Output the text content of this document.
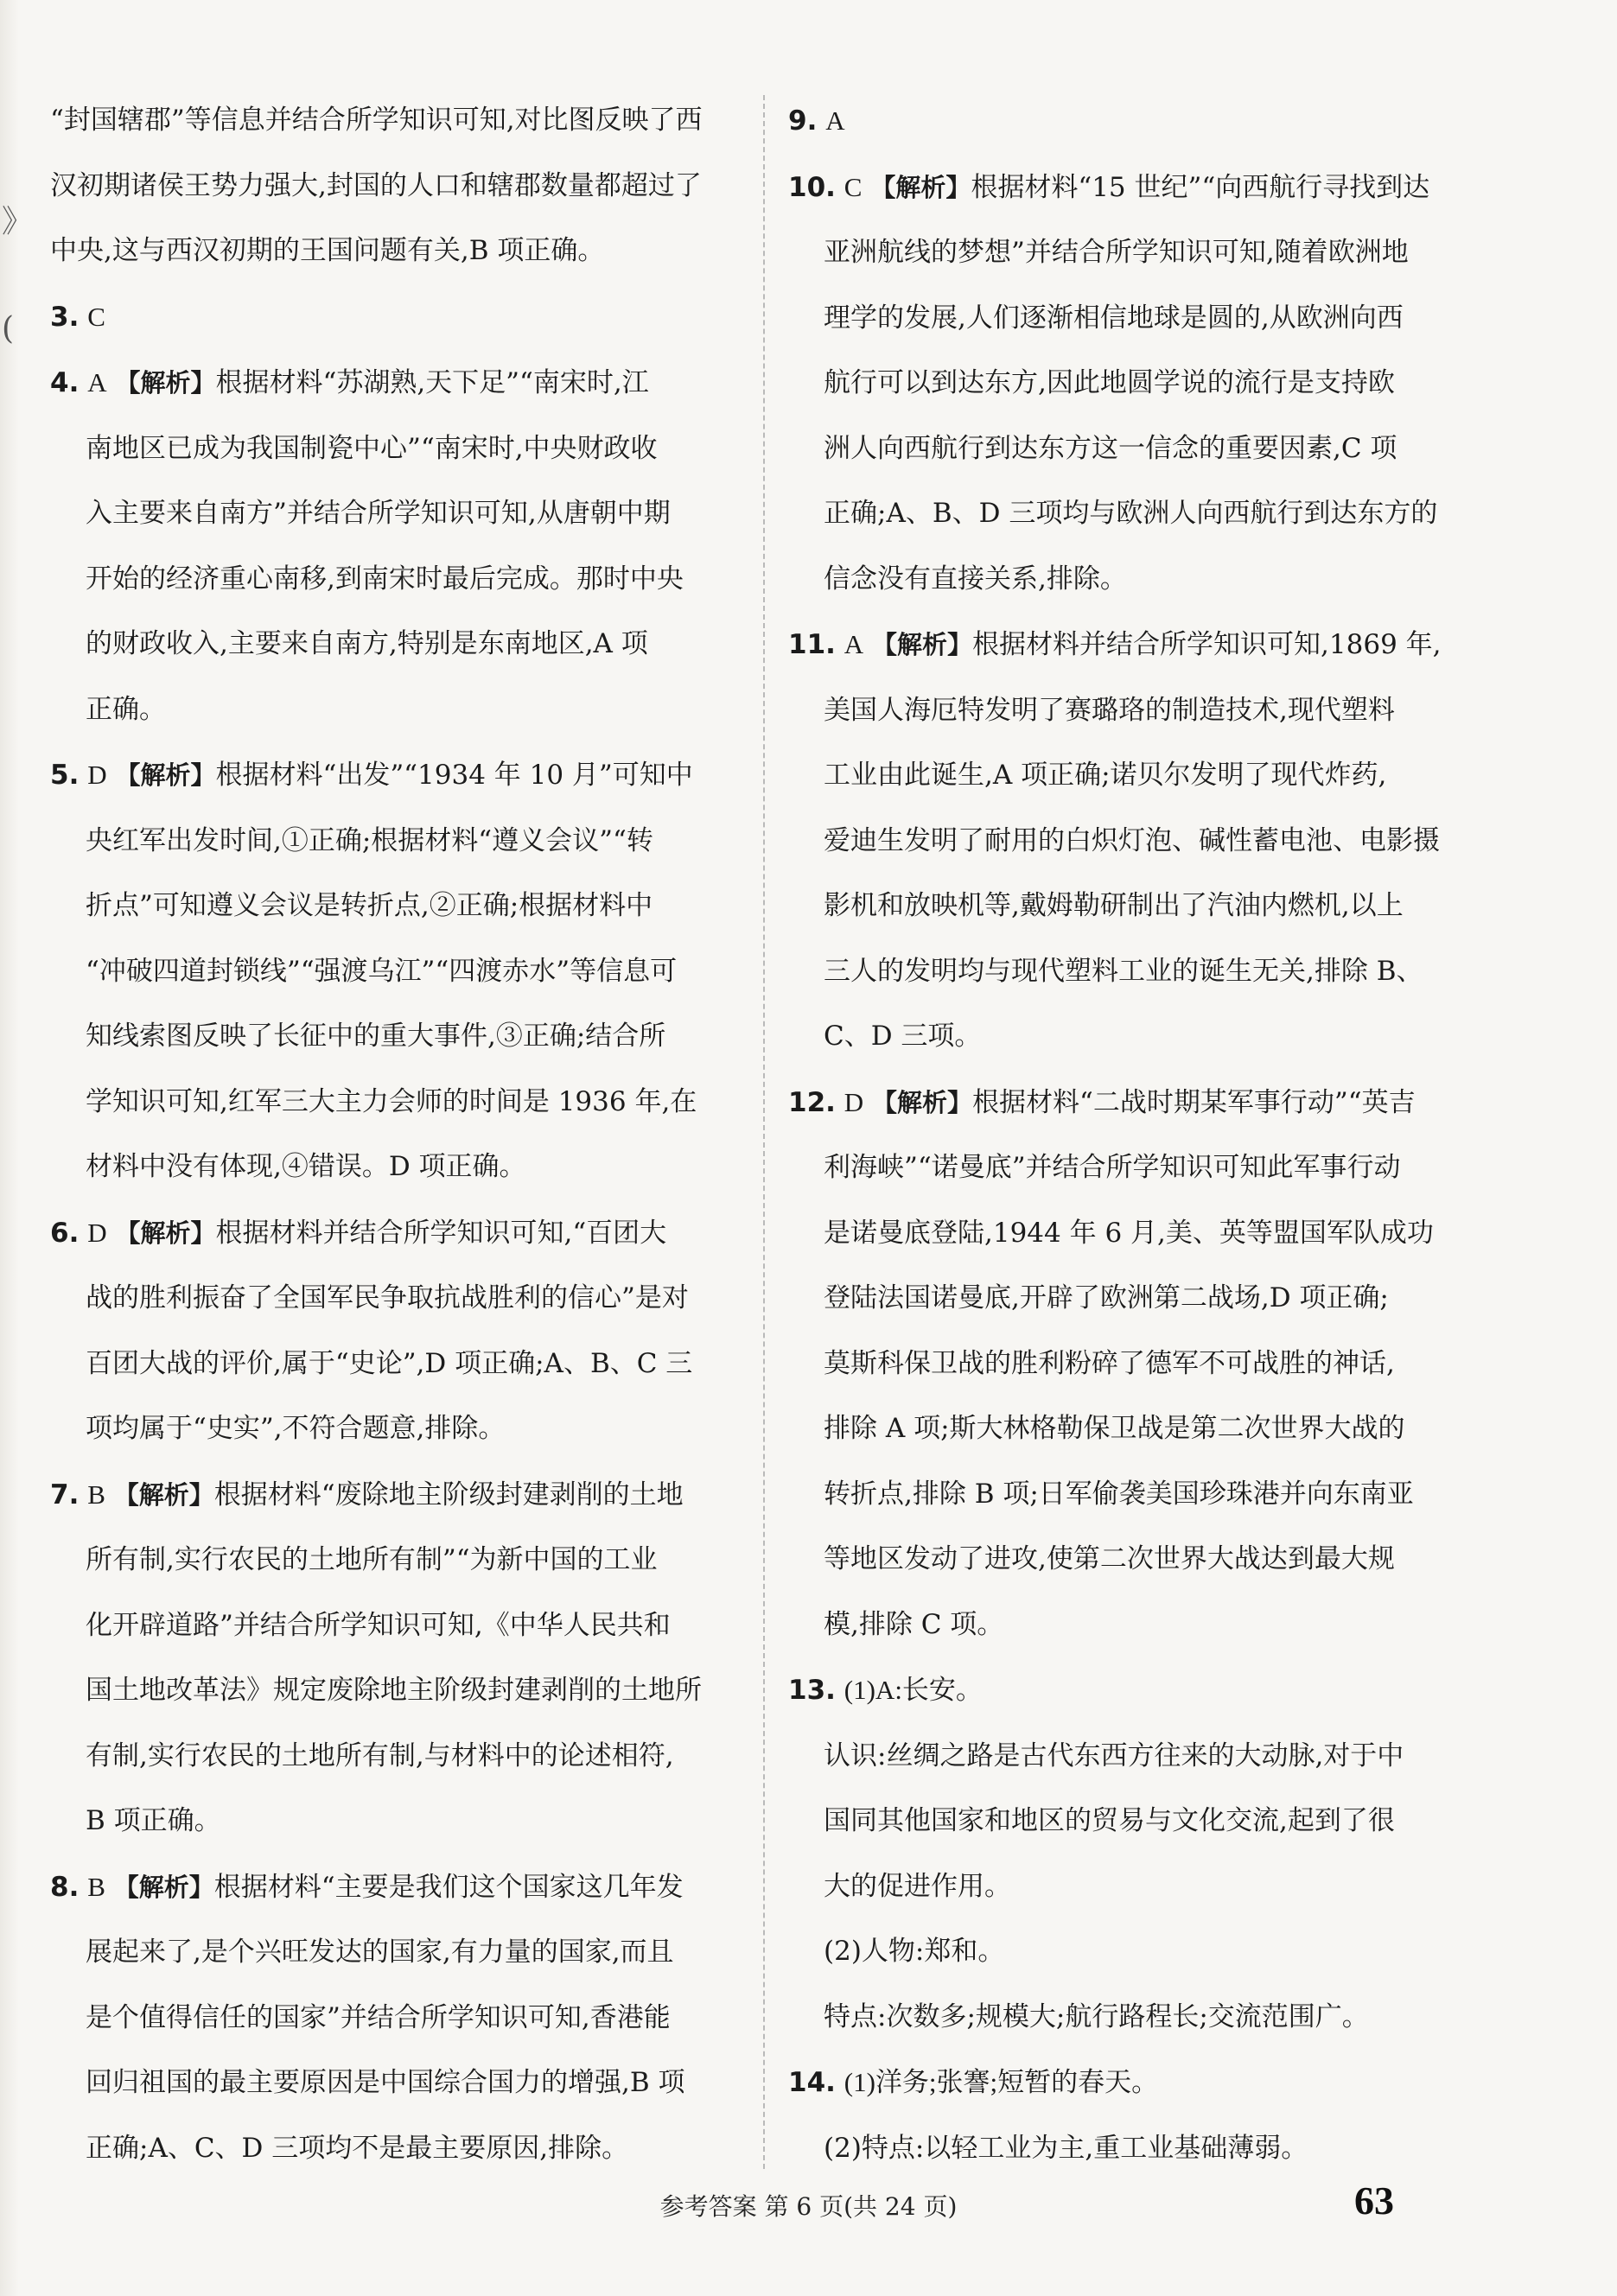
》
(
“封国辖郡”等信息并结合所学知识可知,对比图反映了西
汉初期诸侯王势力强大,封国的人口和辖郡数量都超过了
中央,这与西汉初期的王国问题有关,B 项正确。
3. C
4. A 【解析】根据材料“苏湖熟,天下足”“南宋时,江
南地区已成为我国制瓷中心”“南宋时,中央财政收
入主要来自南方”并结合所学知识可知,从唐朝中期
开始的经济重心南移,到南宋时最后完成。那时中央
的财政收入,主要来自南方,特别是东南地区,A 项
正确。
5. D 【解析】根据材料“出发”“1934 年 10 月”可知中
央红军出发时间,①正确;根据材料“遵义会议”“转
折点”可知遵义会议是转折点,②正确;根据材料中
“冲破四道封锁线”“强渡乌江”“四渡赤水”等信息可
知线索图反映了长征中的重大事件,③正确;结合所
学知识可知,红军三大主力会师的时间是 1936 年,在
材料中没有体现,④错误。D 项正确。
6. D 【解析】根据材料并结合所学知识可知,“百团大
战的胜利振奋了全国军民争取抗战胜利的信心”是对
百团大战的评价,属于“史论”,D 项正确;A、B、C 三
项均属于“史实”,不符合题意,排除。
7. B 【解析】根据材料“废除地主阶级封建剥削的土地
所有制,实行农民的土地所有制”“为新中国的工业
化开辟道路”并结合所学知识可知,《中华人民共和
国土地改革法》规定废除地主阶级封建剥削的土地所
有制,实行农民的土地所有制,与材料中的论述相符,
B 项正确。
8. B 【解析】根据材料“主要是我们这个国家这几年发
展起来了,是个兴旺发达的国家,有力量的国家,而且
是个值得信任的国家”并结合所学知识可知,香港能
回归祖国的最主要原因是中国综合国力的增强,B 项
正确;A、C、D 三项均不是最主要原因,排除。
9. A
10. C 【解析】根据材料“15 世纪”“向西航行寻找到达
亚洲航线的梦想”并结合所学知识可知,随着欧洲地
理学的发展,人们逐渐相信地球是圆的,从欧洲向西
航行可以到达东方,因此地圆学说的流行是支持欧
洲人向西航行到达东方这一信念的重要因素,C 项
正确;A、B、D 三项均与欧洲人向西航行到达东方的
信念没有直接关系,排除。
11. A 【解析】根据材料并结合所学知识可知,1869 年,
美国人海厄特发明了赛璐珞的制造技术,现代塑料
工业由此诞生,A 项正确;诺贝尔发明了现代炸药,
爱迪生发明了耐用的白炽灯泡、碱性蓄电池、电影摄
影机和放映机等,戴姆勒研制出了汽油内燃机,以上
三人的发明均与现代塑料工业的诞生无关,排除 B、
C、D 三项。
12. D 【解析】根据材料“二战时期某军事行动”“英吉
利海峡”“诺曼底”并结合所学知识可知此军事行动
是诺曼底登陆,1944 年 6 月,美、英等盟国军队成功
登陆法国诺曼底,开辟了欧洲第二战场,D 项正确;
莫斯科保卫战的胜利粉碎了德军不可战胜的神话,
排除 A 项;斯大林格勒保卫战是第二次世界大战的
转折点,排除 B 项;日军偷袭美国珍珠港并向东南亚
等地区发动了进攻,使第二次世界大战达到最大规
模,排除 C 项。
13. (1)A:长安。
认识:丝绸之路是古代东西方往来的大动脉,对于中
国同其他国家和地区的贸易与文化交流,起到了很
大的促进作用。
(2)人物:郑和。
特点:次数多;规模大;航行路程长;交流范围广。
14. (1)洋务;张謇;短暂的春天。
(2)特点:以轻工业为主,重工业基础薄弱。
参考答案 第 6 页(共 24 页)	63
